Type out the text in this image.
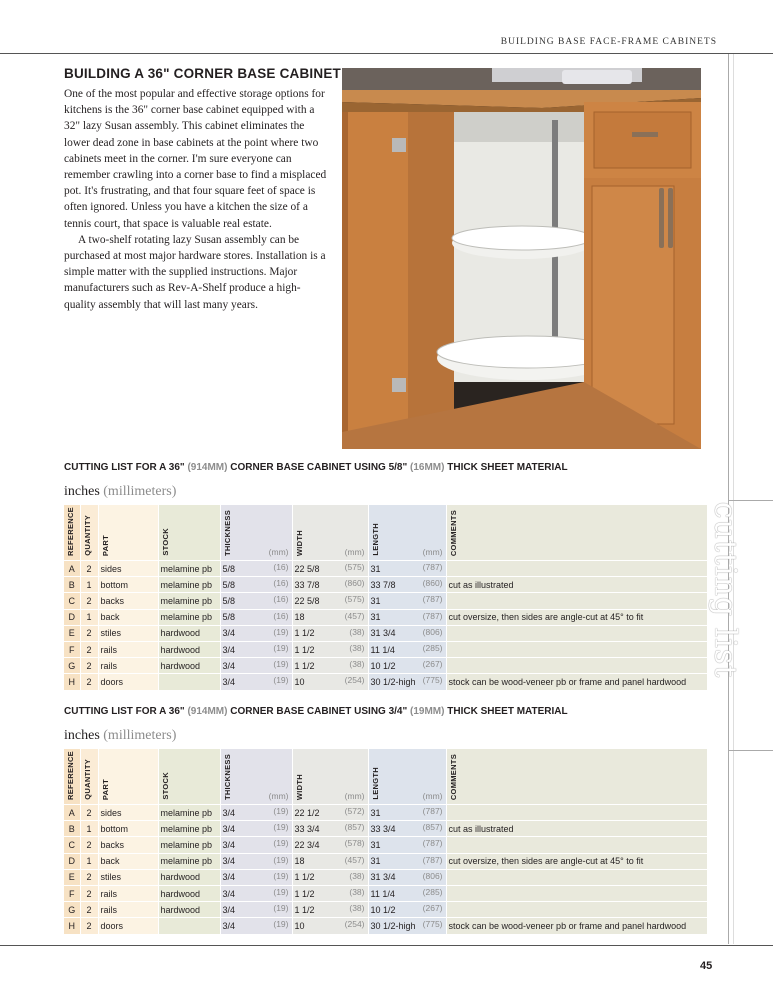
BUILDING BASE FACE-FRAME CABINETS
cutting list
BUILDING A 36" CORNER BASE CABINET

One of the most popular and effective storage options for kitchens is the 36" corner base cabinet equipped with a 32" lazy Susan assembly. This cabinet eliminates the lower dead zone in base cabinets at the point where two cabinets meet in the corner. I'm sure everyone can remember crawling into a corner base to find a misplaced pot. It's frustrating, and that four square feet of space is often ignored. Unless you have a kitchen the size of a tennis court, that space is valuable real estate.

A two-shelf rotating lazy Susan assembly can be purchased at most major hardware stores. Installation is a simple matter with the supplied instructions. Major manufacturers such as Rev-A-Shelf produce a high-quality assembly that will last many years.

CUTTING LIST FOR A 36" (914MM) CORNER BASE CABINET USING 5/8" (16MM) THICK SHEET MATERIAL
inches (millimeters)
REFERENCE	QUANTITY	PART	STOCK	THICKNESS (mm)	WIDTH (mm)	LENGTH (mm)	COMMENTS

A	2	sides	melamine pb	5/8 (16)	22 5/8 (575)	31 (787)	

B	1	bottom	melamine pb	5/8 (16)	33 7/8 (860)	33 7/8 (860)	cut as illustrated
C	2	backs	melamine pb	5/8 (16)	22 5/8 (575)	31 (787)	

D	1	back	melamine pb	5/8 (16)	18 (457)	31 (787)	cut oversize, then sides are angle-cut at 45° to fit
E	2	stiles	hardwood	3/4 (19)	1 1/2 (38)	31 3/4 (806)	

F	2	rails	hardwood	3/4 (19)	1 1/2 (38)	11 1/4 (285)	

G	2	rails	hardwood	3/4 (19)	1 1/2 (38)	10 1/2 (267)	

H	2	doors		3/4 (19)	10 (254)	30 1/2-high (775)	stock can be wood-veneer pb or frame and panel hardwood
CUTTING LIST FOR A 36" (914MM) CORNER BASE CABINET USING 3/4" (19MM) THICK SHEET MATERIAL
inches (millimeters)
REFERENCE	QUANTITY	PART	STOCK	THICKNESS (mm)	WIDTH (mm)	LENGTH (mm)	COMMENTS

A	2	sides	melamine pb	3/4 (19)	22 1/2 (572)	31 (787)	

B	1	bottom	melamine pb	3/4 (19)	33 3/4 (857)	33 3/4 (857)	cut as illustrated
C	2	backs	melamine pb	3/4 (19)	22 3/4 (578)	31 (787)	

D	1	back	melamine pb	3/4 (19)	18 (457)	31 (787)	cut oversize, then sides are angle-cut at 45° to fit
E	2	stiles	hardwood	3/4 (19)	1 1/2 (38)	31 3/4 (806)	

F	2	rails	hardwood	3/4 (19)	1 1/2 (38)	11 1/4 (285)	

G	2	rails	hardwood	3/4 (19)	1 1/2 (38)	10 1/2 (267)	

H	2	doors		3/4 (19)	10 (254)	30 1/2-high (775)	stock can be wood-veneer pb or frame and panel hardwood
45
